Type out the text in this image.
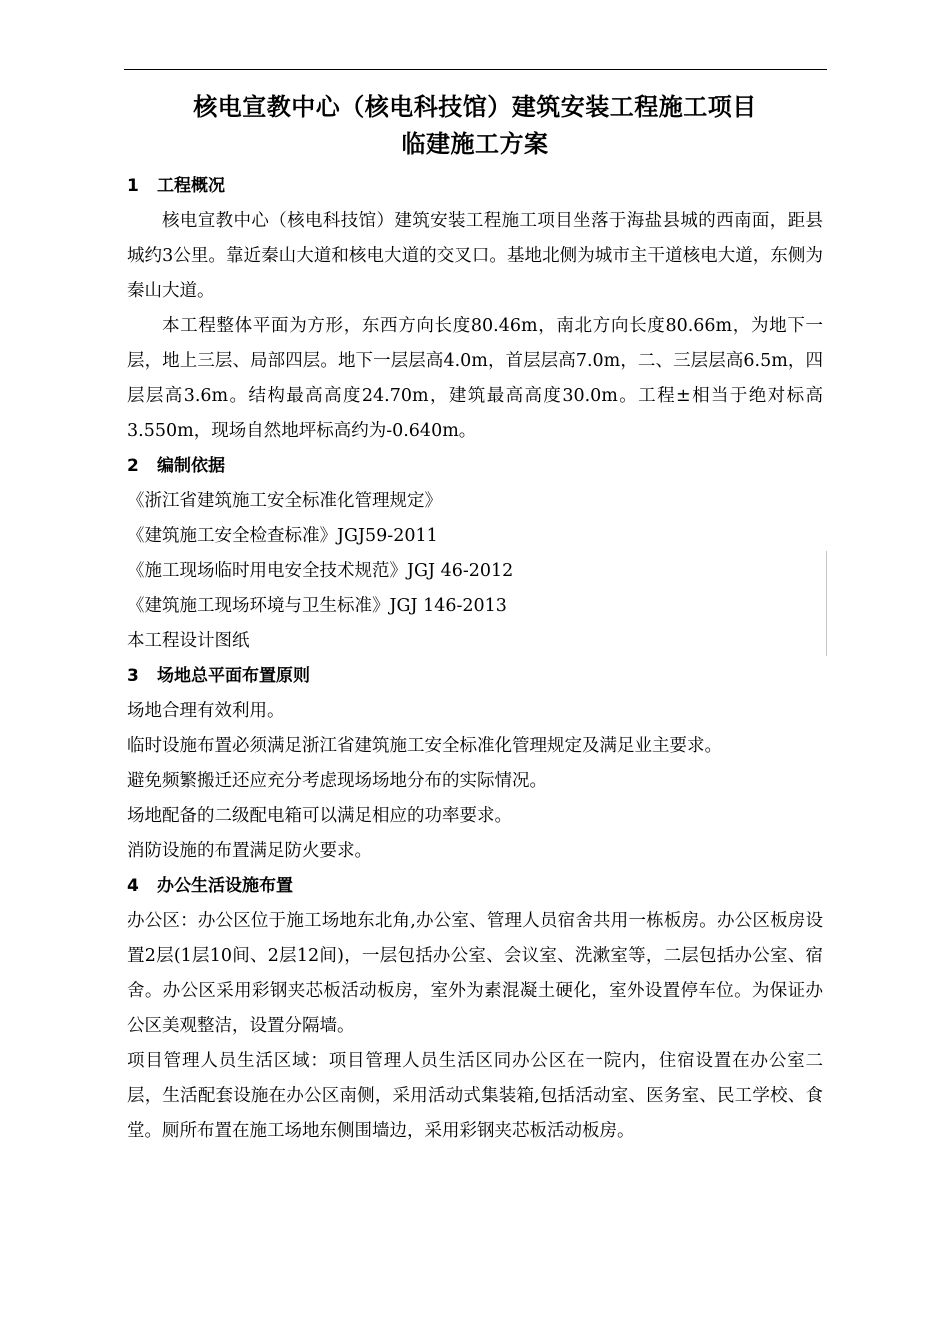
核电宣教中心（核电科技馆）建筑安装工程施工项目
临建施工方案
1 工程概况

核电宣教中心（核电科技馆）建筑安装工程施工项目坐落于海盐县城的西南面，距县城约3公里。靠近秦山大道和核电大道的交叉口。基地北侧为城市主干道核电大道，东侧为秦山大道。

本工程整体平面为方形，东西方向长度80.46m，南北方向长度80.66m，为地下一层，地上三层、局部四层。地下一层层高4.0m，首层层高7.0m，二、三层层高6.5m，四层层高3.6m。结构最高高度24.70m，建筑最高高度30.0m。工程±相当于绝对标高3.550m，现场自然地坪标高约为-0.640m。

2 编制依据
《浙江省建筑施工安全标准化管理规定》
《建筑施工安全检查标准》JGJ59-2011
《施工现场临时用电安全技术规范》JGJ 46-2012
《建筑施工现场环境与卫生标准》JGJ 146-2013
本工程设计图纸
3 场地总平面布置原则
场地合理有效利用。
临时设施布置必须满足浙江省建筑施工安全标准化管理规定及满足业主要求。
避免频繁搬迁还应充分考虑现场场地分布的实际情况。
场地配备的二级配电箱可以满足相应的功率要求。
消防设施的布置满足防火要求。
4 办公生活设施布置

办公区：办公区位于施工场地东北角,办公室、管理人员宿舍共用一栋板房。办公区板房设置2层(1层10间、2层12间)，一层包括办公室、会议室、洗漱室等，二层包括办公室、宿舍。办公区采用彩钢夹芯板活动板房，室外为素混凝土硬化，室外设置停车位。为保证办公区美观整洁，设置分隔墙。

项目管理人员生活区域：项目管理人员生活区同办公区在一院内，住宿设置在办公室二层，生活配套设施在办公区南侧，采用活动式集装箱,包括活动室、医务室、民工学校、食堂。厕所布置在施工场地东侧围墙边，采用彩钢夹芯板活动板房。
